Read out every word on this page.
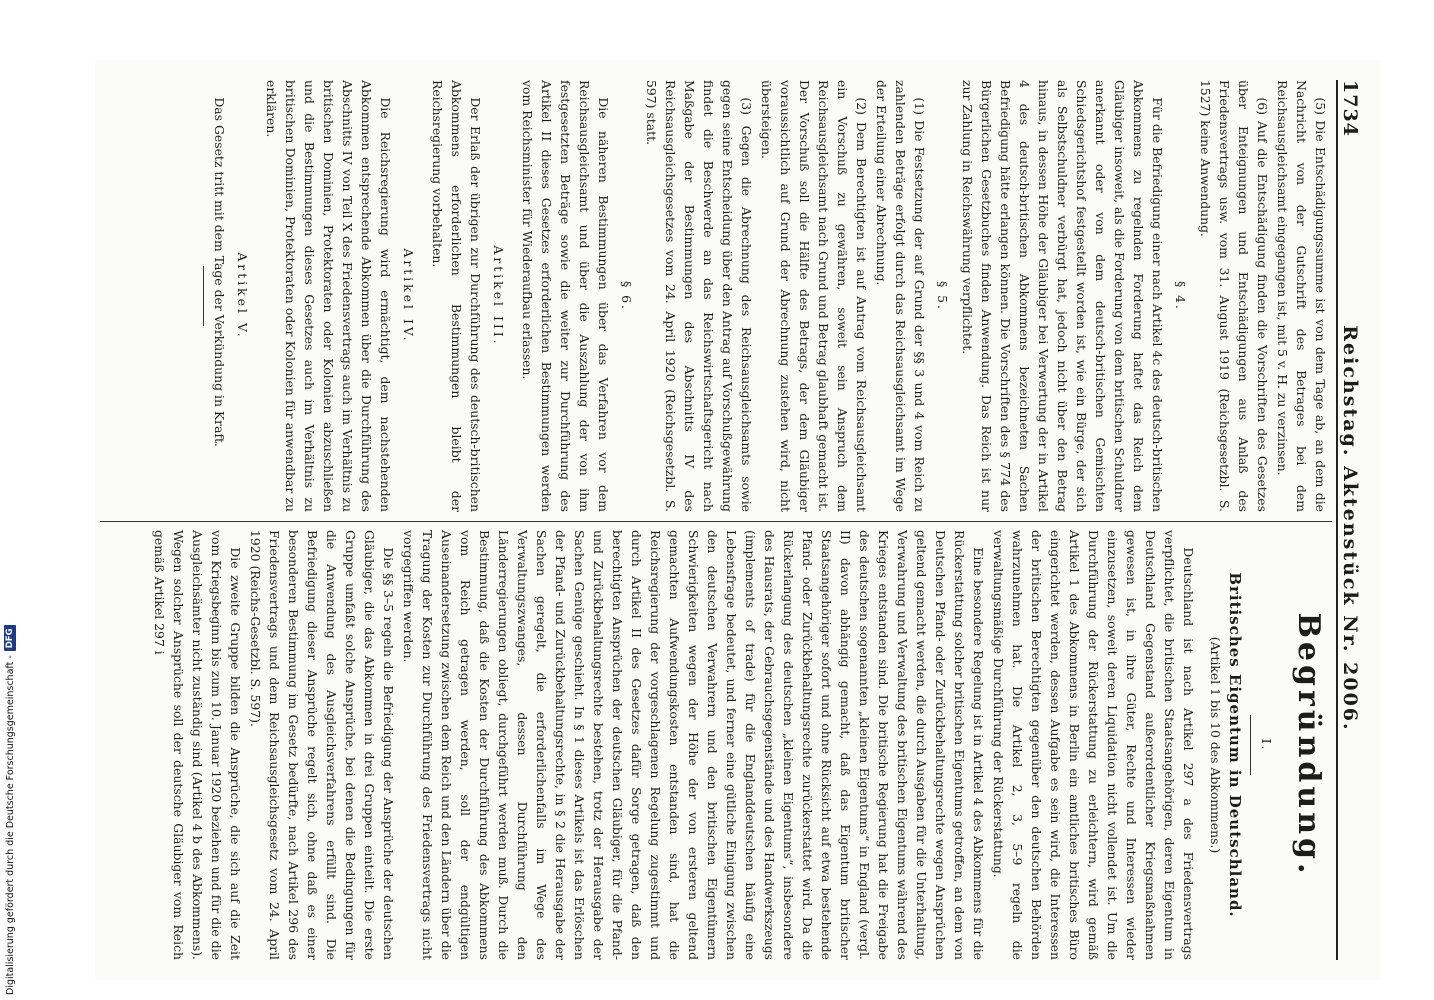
Digitalisierung gefördert durch die Deutsche Forschungsgemeinschaft -
DFG
1734
Reichstag. Aktenstück Nr. 2006.

(5) Die Entschädigungssumme ist von dem Tage ab, an dem die Nachricht von der Gutschrift des Betrages bei dem Reichsausgleichsamt eingegangen ist, mit 5 v. H. zu verzinsen.

(6) Auf die Entschädigung finden die Vorschriften des Gesetzes über Enteignungen und Entschädigungen aus Anlaß des Friedensvertrags usw. vom 31. August 1919 (Reichsgesetzbl. S. 1527) keine Anwendung.

§ 4.

Für die Befriedigung einer nach Artikel 4c des deutsch-britischen Abkommens zu regelnden Forderung haftet das Reich dem Gläubiger insoweit, als die Forderung von dem britischen Schuldner anerkannt oder von dem deutsch-britischen Gemischten Schiedsgerichtshof festgestellt worden ist, wie ein Bürge, der sich als Selbstschuldner verbürgt hat, jedoch nicht über den Betrag hinaus, in dessen Höhe der Gläubiger bei Verwertung der in Artikel 4 des deutsch-britischen Abkommens bezeichneten Sachen Befriedigung hätte erlangen können. Die Vorschriften des § 774 des Bürgerlichen Gesetzbuches finden Anwendung. Das Reich ist nur zur Zahlung in Reichswährung verpflichtet.

§ 5.

(1) Die Festsetzung der auf Grund der §§ 3 und 4 vom Reich zu zahlenden Beträge erfolgt durch das Reichsausgleichsamt im Wege der Erteilung einer Abrechnung.

(2) Dem Berechtigten ist auf Antrag vom Reichsausgleichsamt ein Vorschuß zu gewähren, soweit sein Anspruch dem Reichsausgleichsamt nach Grund und Betrag glaubhaft gemacht ist. Der Vorschuß soll die Hälfte des Betrags, der dem Gläubiger voraussichtlich auf Grund der Abrechnung zustehen wird, nicht übersteigen.

(3) Gegen die Abrechnung des Reichsausgleichsamts sowie gegen seine Entscheidung über den Antrag auf Vorschußgewährung findet die Beschwerde an das Reichswirtschaftsgericht nach Maßgabe der Bestimmungen des Abschnitts IV des Reichsausgleichsgesetzes vom 24. April 1920 (Reichsgesetzbl. S. 597) statt.

§ 6.

Die näheren Bestimmungen über das Verfahren vor dem Reichsausgleichsamt und über die Auszahlung der von ihm festgesetzten Beträge sowie die weiter zur Durchführung des Artikel II dieses Gesetzes erforderlichen Bestimmungen werden vom Reichsminister für Wiederaufbau erlassen.

Artikel III.

Der Erlaß der übrigen zur Durchführung des deutsch-britischen Abkommens erforderlichen Bestimmungen bleibt der Reichsregierung vorbehalten.

Artikel IV.

Die Reichsregierung wird ermächtigt, dem nachstehenden Abkommen entsprechende Abkommen über die Durchführung des Abschnitts IV von Teil X des Friedensvertrags auch im Verhältnis zu britischen Dominien, Protektoraten oder Kolonien abzuschließen und die Bestimmungen dieses Gesetzes auch im Verhältnis zu britischen Dominien, Protektoraten oder Kolonien für anwendbar zu erklären.

Artikel V.

Das Gesetz tritt mit dem Tage der Verkündung in Kraft.

Begründung.
I.
Britisches Eigentum in Deutschland.
(Artikel 1 bis 10 des Abkommens.)

Deutschland ist nach Artikel 297 a des Friedensvertrags verpflichtet, die britischen Staatsangehörigen, deren Eigentum in Deutschland Gegenstand außerordentlicher Kriegsmaßnahmen gewesen ist, in ihre Güter, Rechte und Interessen wieder einzusetzen, soweit deren Liquidation nicht vollendet ist. Um die Durchführung der Rückerstattung zu erleichtern, wird gemäß Artikel 1 des Abkommens in Berlin ein amtliches britisches Büro eingerichtet werden, dessen Aufgabe es sein wird, die Interessen der britischen Berechtigten gegenüber den deutschen Behörden wahrzunehmen hat. Die Artikel 2, 3, 5–9 regeln die verwaltungsmäßige Durchführung der Rückerstattung.

Eine besondere Regelung ist in Artikel 4 des Abkommens für die Rückerstattung solcher britischen Eigentums getroffen, an dem von Deutschen Pfand- oder Zurückbehaltungsrechte wegen Ansprüchen geltend gemacht werden, die durch Ausgaben für die Unterhaltung, Verwahrung und Verwaltung des britischen Eigentums während des Krieges entstanden sind. Die britische Regierung hat die Freigabe des deutschen sogenannten „kleinen Eigentums“ in England (vergl. II) davon abhängig gemacht, daß das Eigentum britischer Staatsangehöriger sofort und ohne Rücksicht auf etwa bestehende Pfand- oder Zurückbehaltungsrechte zurückerstattet wird. Da die Rückerlangung des deutschen „kleinen Eigentums“, insbesondere des Hausrats, der Gebrauchsgegenstände und des Handwerkszeugs (implements of trade) für die Englanddeutschen häufig eine Lebensfrage bedeutet, und ferner eine gütliche Einigung zwischen den deutschen Verwahrern und den britischen Eigentümern Schwierigkeiten wegen der Höhe der von ersteren geltend gemachten Aufwendungskosten entstanden sind, hat die Reichsregierung der vorgeschlagenen Regelung zugestimmt und durch Artikel II des Gesetzes dafür Sorge getragen, daß den berechtigten Ansprüchen der deutschen Gläubiger, für die Pfand- und Zurückbehaltungsrechte bestehen, trotz der Herausgabe der Sachen Genüge geschieht. In § 1 dieses Artikels ist das Erlöschen der Pfand- und Zurückbehaltungsrechte, in § 2 die Herausgabe der Sachen geregelt, die erforderlichenfalls im Wege des Verwaltungszwanges, dessen Durchführung den Länderregierungen obliegt, durchgeführt werden muß. Durch die Bestimmung, daß die Kosten der Durchführung des Abkommens vom Reich getragen werden, soll der endgültigen Auseinandersetzung zwischen dem Reich und den Ländern über die Tragung der Kosten zur Durchführung des Friedensvertrags nicht vorgegriffen werden.

Die §§ 3–5 regeln die Befriedigung der Ansprüche der deutschen Gläubiger, die das Abkommen in drei Gruppen einteilt. Die erste Gruppe umfaßt solche Ansprüche, bei denen die Bedingungen für die Anwendung des Ausgleichsverfahrens erfüllt sind. Die Befriedigung dieser Ansprüche regelt sich, ohne daß es einer besonderen Bestimmung im Gesetz bedürfte, nach Artikel 296 des Friedensvertrags und dem Reichsausgleichsgesetz vom 24. April 1920 (Reichs-Gesetzbl. S. 597).

Die zweite Gruppe bilden die Ansprüche, die sich auf die Zeit vom Kriegsbeginn bis zum 10. Januar 1920 beziehen und für die die Ausgleichsämter nicht zuständig sind (Artikel 4 b des Abkommens). Wegen solcher Ansprüche soll der deutsche Gläubiger vom Reich gemäß Artikel 297 i
